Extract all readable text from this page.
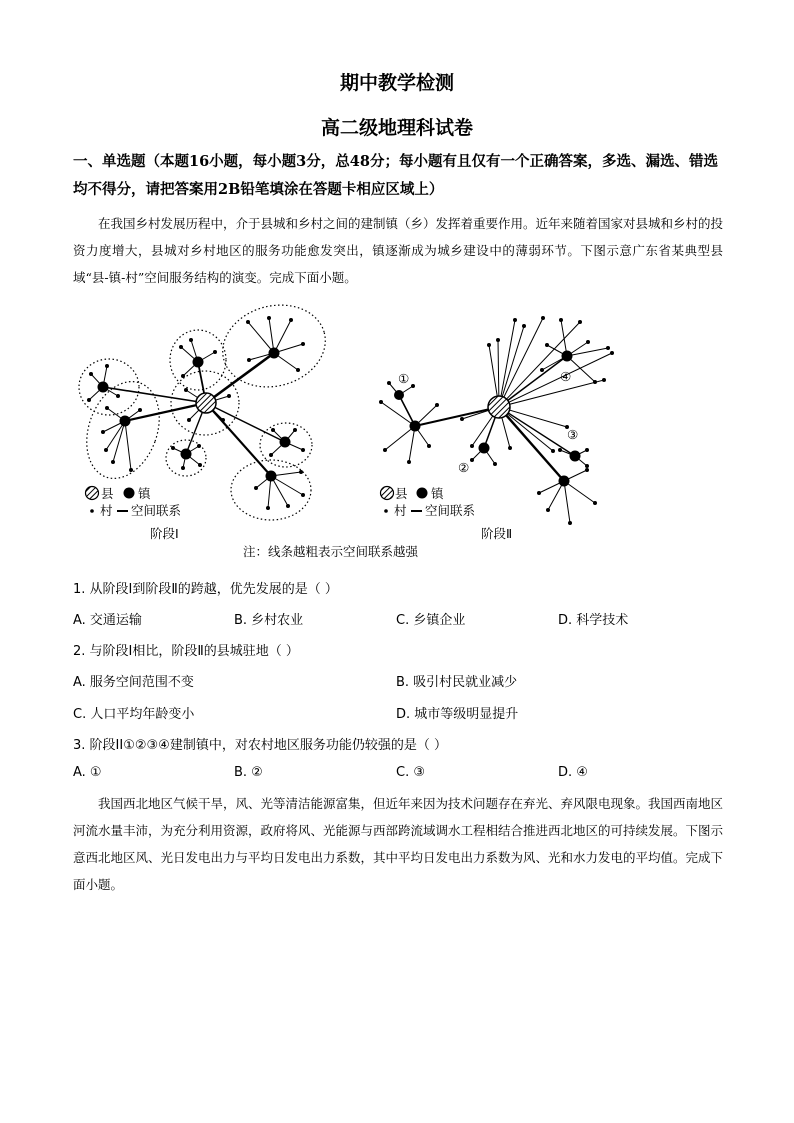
期中教学检测
高二级地理科试卷
一、单选题（本题16小题，每小题3分，总48分；每小题有且仅有一个正确答案，多选、漏选、错选均不得分，请把答案用2B铅笔填涂在答题卡相应区域上）
在我国乡村发展历程中，介于县城和乡村之间的建制镇（乡）发挥着重要作用。近年来随着国家对县城和乡村的投资力度增大，县城对乡村地区的服务功能愈发突出，镇逐渐成为城乡建设中的薄弱环节。下图示意广东省某典型县域“县-镇-村”空间服务结构的演变。完成下面小题。
县 镇
村 空间联系
阶段Ⅰ
①
②
③
④
县 镇
村 空间联系
阶段Ⅱ
注：线条越粗表示空间联系越强
1. 从阶段Ⅰ到阶段Ⅱ的跨越，优先发展的是（ ）
A. 交通运输	B. 乡村农业	C. 乡镇企业	D. 科学技术
2. 与阶段Ⅰ相比，阶段Ⅱ的县城驻地（ ）
A. 服务空间范围不变	B. 吸引村民就业减少
C. 人口平均年龄变小	D. 城市等级明显提升
3. 阶段II①②③④建制镇中，对农村地区服务功能仍较强的是（ ）
A. ①	B. ②	C. ③	D. ④
我国西北地区气候干旱，风、光等清洁能源富集，但近年来因为技术问题存在弃光、弃风限电现象。我国西南地区河流水量丰沛，为充分利用资源，政府将风、光能源与西部跨流域调水工程相结合推进西北地区的可持续发展。下图示意西北地区风、光日发电出力与平均日发电出力系数，其中平均日发电出力系数为风、光和水力发电的平均值。完成下面小题。
